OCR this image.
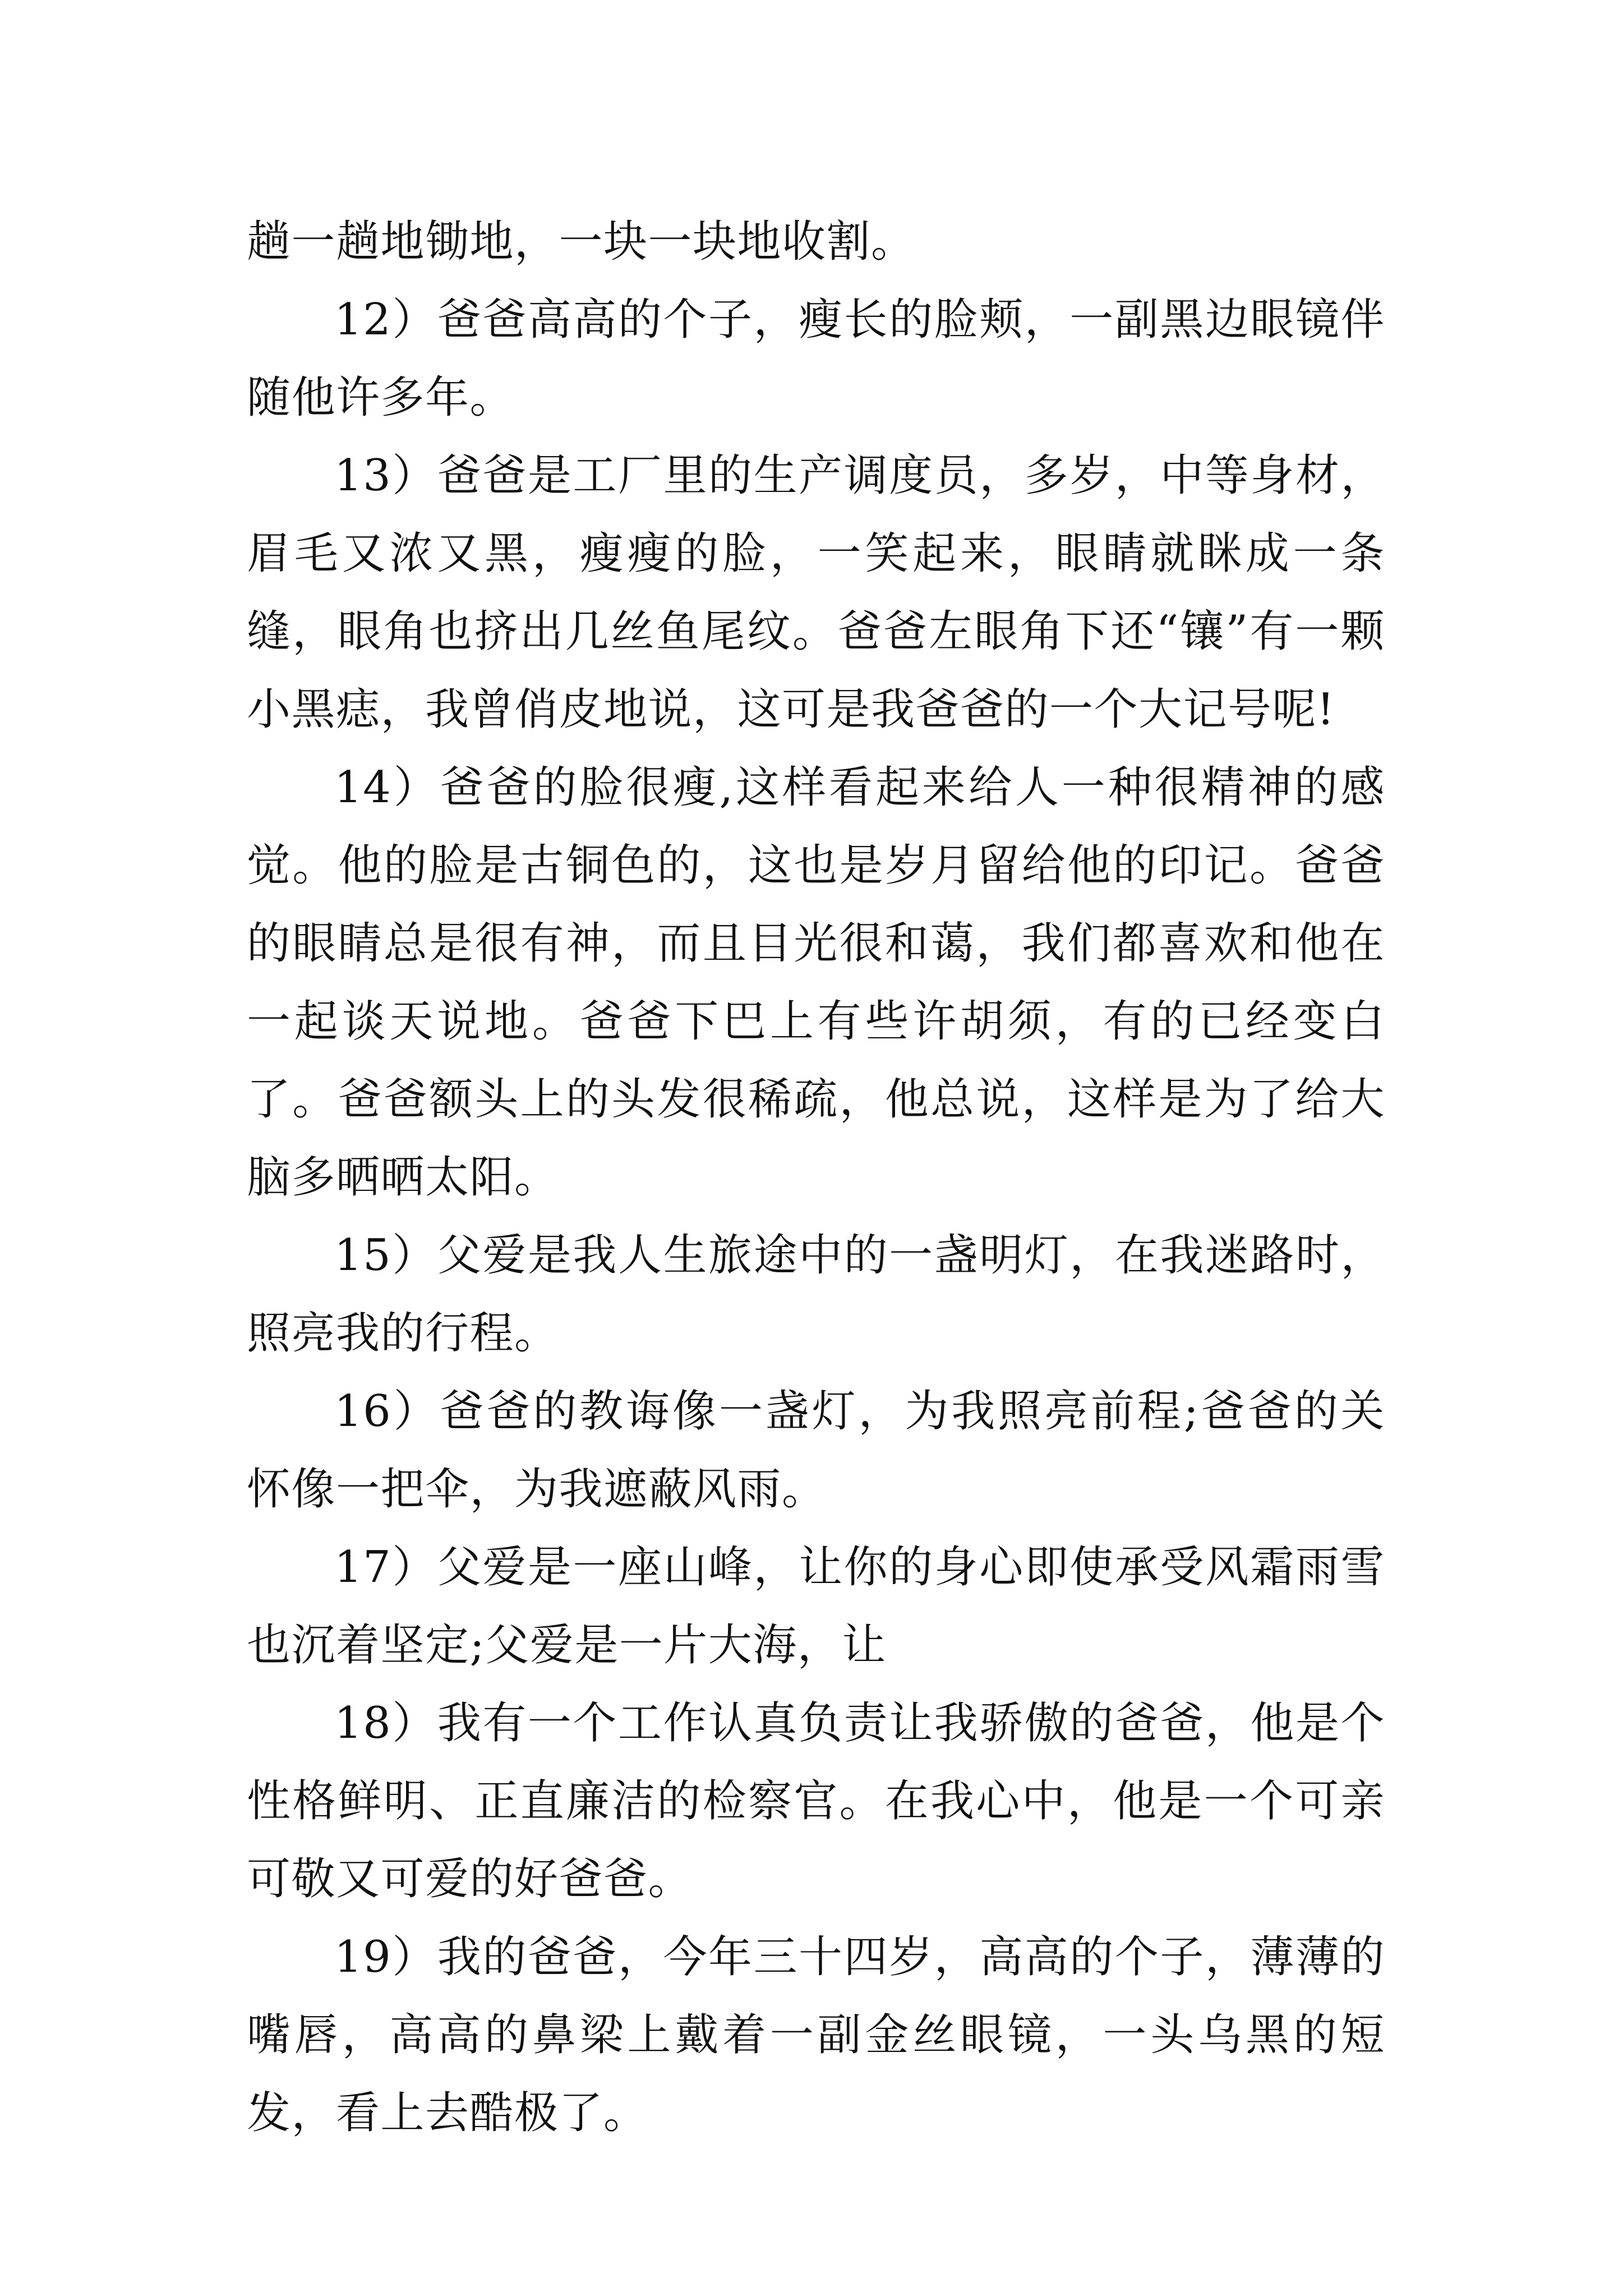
趟一趟地锄地，一块一块地收割。

12）爸爸高高的个子，瘦长的脸颊，一副黑边眼镜伴随他许多年。

13）爸爸是工厂里的生产调度员，多岁，中等身材，眉毛又浓又黑，瘦瘦的脸，一笑起来，眼睛就眯成一条缝，眼角也挤出几丝鱼尾纹。爸爸左眼角下还“镶”有一颗小黑痣，我曾俏皮地说，这可是我爸爸的一个大记号呢!

14）爸爸的脸很瘦,这样看起来给人一种很精神的感觉。他的脸是古铜色的，这也是岁月留给他的印记。爸爸的眼睛总是很有神，而且目光很和蔼，我们都喜欢和他在一起谈天说地。爸爸下巴上有些许胡须，有的已经变白了。爸爸额头上的头发很稀疏，他总说，这样是为了给大脑多晒晒太阳。

15）父爱是我人生旅途中的一盏明灯，在我迷路时，照亮我的行程。

16）爸爸的教诲像一盏灯，为我照亮前程;爸爸的关怀像一把伞，为我遮蔽风雨。

17）父爱是一座山峰，让你的身心即使承受风霜雨雪也沉着坚定;父爱是一片大海，让

18）我有一个工作认真负责让我骄傲的爸爸，他是个性格鲜明、正直廉洁的检察官。在我心中，他是一个可亲可敬又可爱的好爸爸。

19）我的爸爸，今年三十四岁，高高的个子，薄薄的嘴唇，高高的鼻梁上戴着一副金丝眼镜，一头乌黑的短发，看上去酷极了。
